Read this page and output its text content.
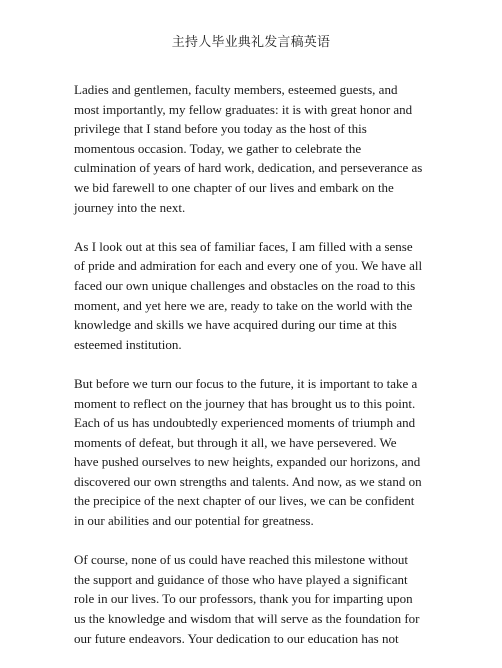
主持人毕业典礼发言稿英语
Ladies and gentlemen, faculty members, esteemed guests, and
most importantly, my fellow graduates: it is with great honor and
privilege that I stand before you today as the host of this
momentous occasion. Today, we gather to celebrate the
culmination of years of hard work, dedication, and perseverance as
we bid farewell to one chapter of our lives and embark on the
journey into the next.
As I look out at this sea of familiar faces, I am filled with a sense
of pride and admiration for each and every one of you. We have all
faced our own unique challenges and obstacles on the road to this
moment, and yet here we are, ready to take on the world with the
knowledge and skills we have acquired during our time at this
esteemed institution.
But before we turn our focus to the future, it is important to take a
moment to reflect on the journey that has brought us to this point.
Each of us has undoubtedly experienced moments of triumph and
moments of defeat, but through it all, we have persevered. We
have pushed ourselves to new heights, expanded our horizons, and
discovered our own strengths and talents. And now, as we stand on
the precipice of the next chapter of our lives, we can be confident
in our abilities and our potential for greatness.
Of course, none of us could have reached this milestone without
the support and guidance of those who have played a significant
role in our lives. To our professors, thank you for imparting upon
us the knowledge and wisdom that will serve as the foundation for
our future endeavors. Your dedication to our education has not
